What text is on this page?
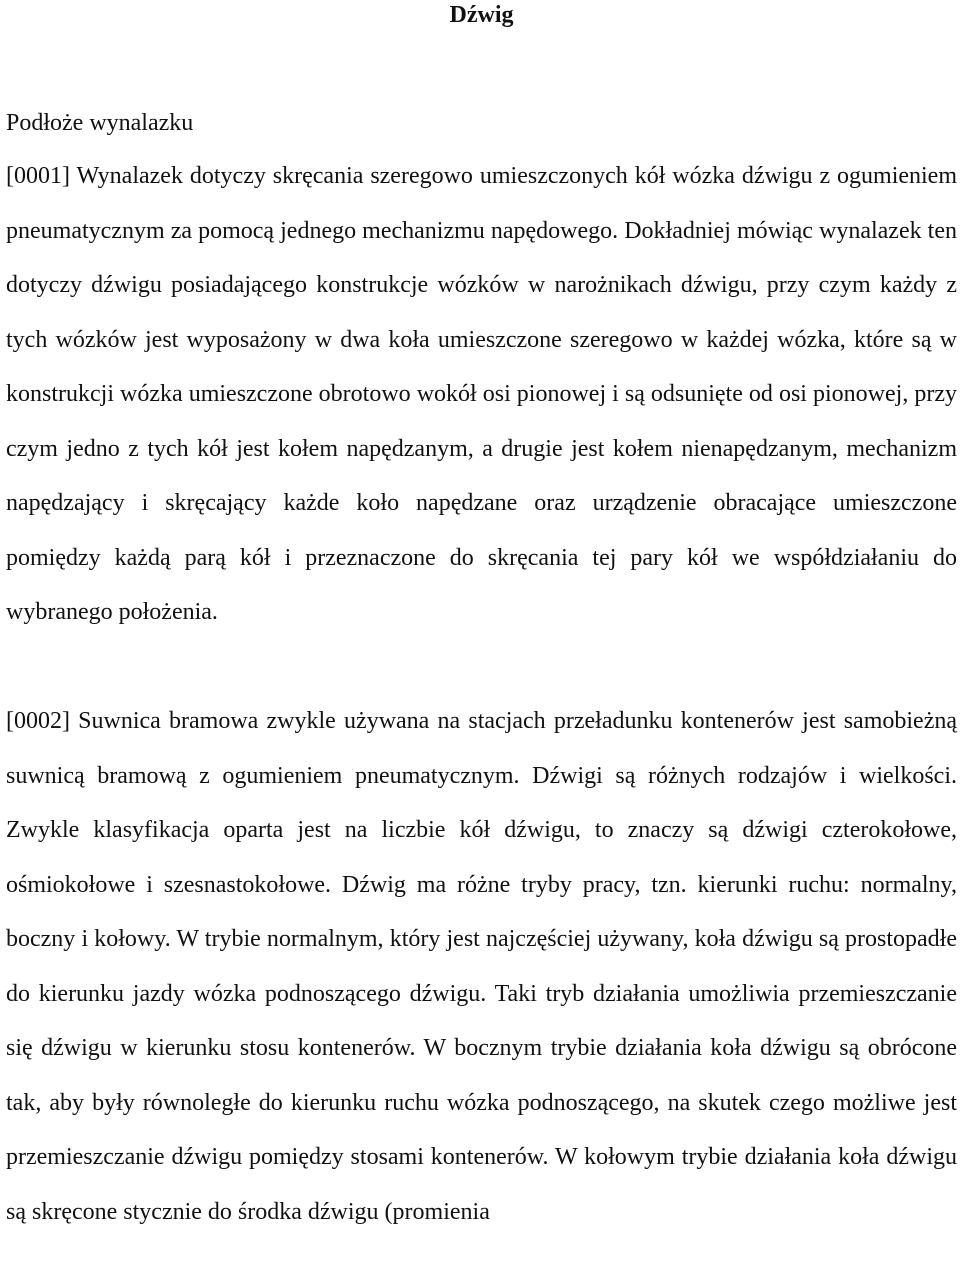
Dźwig
Podłoże wynalazku

[0001] Wynalazek dotyczy skręcania szeregowo umieszczonych kół wózka dźwigu z ogumieniem pneumatycznym za pomocą jednego mechanizmu napędowego. Dokładniej mówiąc wynalazek ten dotyczy dźwigu posiadającego konstrukcje wózków w narożnikach dźwigu, przy czym każdy z tych wózków jest wyposażony w dwa koła umieszczone szeregowo w każdej wózka, które są w konstrukcji wózka umieszczone obrotowo wokół osi pionowej i są odsunięte od osi pionowej, przy czym jedno z tych kół jest kołem napędzanym, a drugie jest kołem nienapędzanym, mechanizm napędzający i skręcający każde koło napędzane oraz urządzenie obracające umieszczone pomiędzy każdą parą kół i przeznaczone do skręcania tej pary kół we współdziałaniu do wybranego położenia.

[0002] Suwnica bramowa zwykle używana na stacjach przeładunku kontenerów jest samobieżną suwnicą bramową z ogumieniem pneumatycznym. Dźwigi są różnych rodzajów i wielkości. Zwykle klasyfikacja oparta jest na liczbie kół dźwigu, to znaczy są dźwigi czterokołowe, ośmiokołowe i szesnastokołowe. Dźwig ma różne tryby pracy, tzn. kierunki ruchu: normalny, boczny i kołowy. W trybie normalnym, który jest najczęściej używany, koła dźwigu są prostopadłe do kierunku jazdy wózka podnoszącego dźwigu. Taki tryb działania umożliwia przemieszczanie się dźwigu w kierunku stosu kontenerów. W bocznym trybie działania koła dźwigu są obrócone tak, aby były równoległe do kierunku ruchu wózka podnoszącego, na skutek czego możliwe jest przemieszczanie dźwigu pomiędzy stosami kontenerów. W kołowym trybie działania koła dźwigu są skręcone stycznie do środka dźwigu (promienia
